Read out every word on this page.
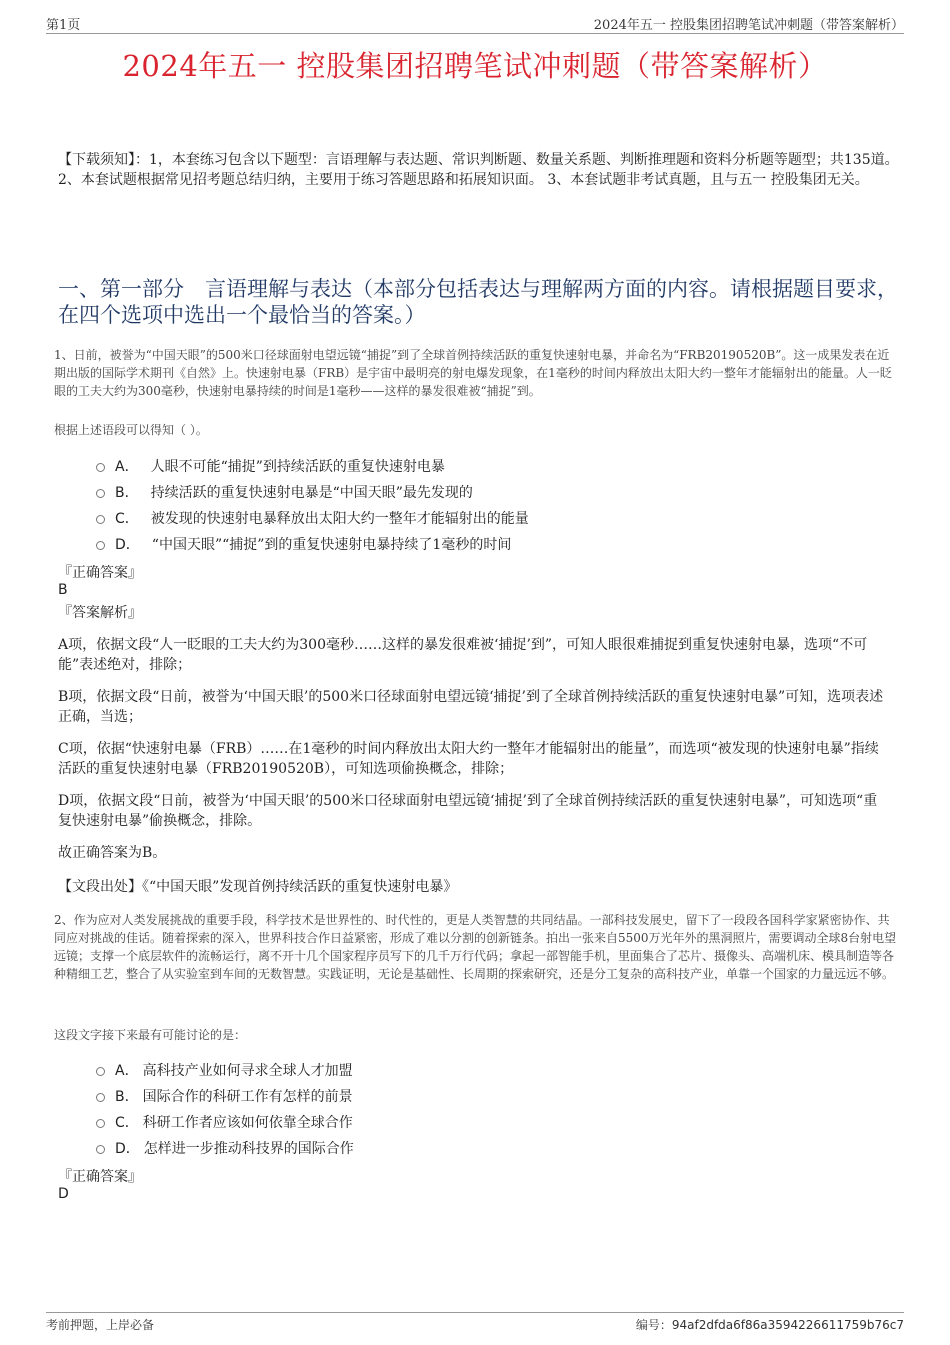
第1页	2024年五一 控股集团招聘笔试冲刺题（带答案解析）
2024年五一 控股集团招聘笔试冲刺题（带答案解析）
【下载须知】：1，本套练习包含以下题型：言语理解与表达题、常识判断题、数量关系题、判断推理题和资料分析题等题型；共135道。 2、本套试题根据常见招考题总结归纳，主要用于练习答题思路和拓展知识面。 3、本套试题非考试真题，且与五一 控股集团无关。
一、第一部分　言语理解与表达（本部分包括表达与理解两方面的内容。请根据题目要求，在四个选项中选出一个最恰当的答案。）
1、日前，被誉为“中国天眼”的500米口径球面射电望远镜“捕捉”到了全球首例持续活跃的重复快速射电暴，并命名为“FRB20190520B”。这一成果发表在近期出版的国际学术期刊《自然》上。快速射电暴（FRB）是宇宙中最明亮的射电爆发现象，在1毫秒的时间内释放出太阳大约一整年才能辐射出的能量。人一眨眼的工夫大约为300毫秒，快速射电暴持续的时间是1毫秒——这样的暴发很难被“捕捉”到。
根据上述语段可以得知（ ）。
A． 人眼不可能“捕捉”到持续活跃的重复快速射电暴
B． 持续活跃的重复快速射电暴是“中国天眼”最先发现的
C． 被发现的快速射电暴释放出太阳大约一整年才能辐射出的能量
D． “中国天眼”“捕捉”到的重复快速射电暴持续了1毫秒的时间
『正确答案』
B
『答案解析』
A项，依据文段“人一眨眼的工夫大约为300毫秒……这样的暴发很难被‘捕捉’到”，可知人眼很难捕捉到重复快速射电暴，选项“不可能”表述绝对，排除；
B项，依据文段“日前，被誉为‘中国天眼’的500米口径球面射电望远镜‘捕捉’到了全球首例持续活跃的重复快速射电暴”可知，选项表述正确，当选；
C项，依据“快速射电暴（FRB）……在1毫秒的时间内释放出太阳大约一整年才能辐射出的能量”，而选项“被发现的快速射电暴”指续活跃的重复快速射电暴（FRB20190520B），可知选项偷换概念，排除；
D项，依据文段“日前，被誉为‘中国天眼’的500米口径球面射电望远镜‘捕捉’到了全球首例持续活跃的重复快速射电暴”，可知选项“重复快速射电暴”偷换概念，排除。
故正确答案为B。
【文段出处】《“中国天眼”发现首例持续活跃的重复快速射电暴》
2、作为应对人类发展挑战的重要手段，科学技术是世界性的、时代性的，更是人类智慧的共同结晶。一部科技发展史，留下了一段段各国科学家紧密协作、共同应对挑战的佳话。随着探索的深入，世界科技合作日益紧密，形成了难以分割的创新链条。拍出一张来自5500万光年外的黑洞照片，需要调动全球8台射电望远镜；支撑一个底层软件的流畅运行，离不开十几个国家程序员写下的几千万行代码；拿起一部智能手机，里面集合了芯片、摄像头、高端机床、模具制造等各种精细工艺，整合了从实验室到车间的无数智慧。实践证明，无论是基础性、长周期的探索研究，还是分工复杂的高科技产业，单靠一个国家的力量远远不够。
这段文字接下来最有可能讨论的是：
A． 高科技产业如何寻求全球人才加盟
B． 国际合作的科研工作有怎样的前景
C． 科研工作者应该如何依靠全球合作
D． 怎样进一步推动科技界的国际合作
『正确答案』
D
考前押题，上岸必备	编号：94af2dfda6f86a3594226611759b76c7
